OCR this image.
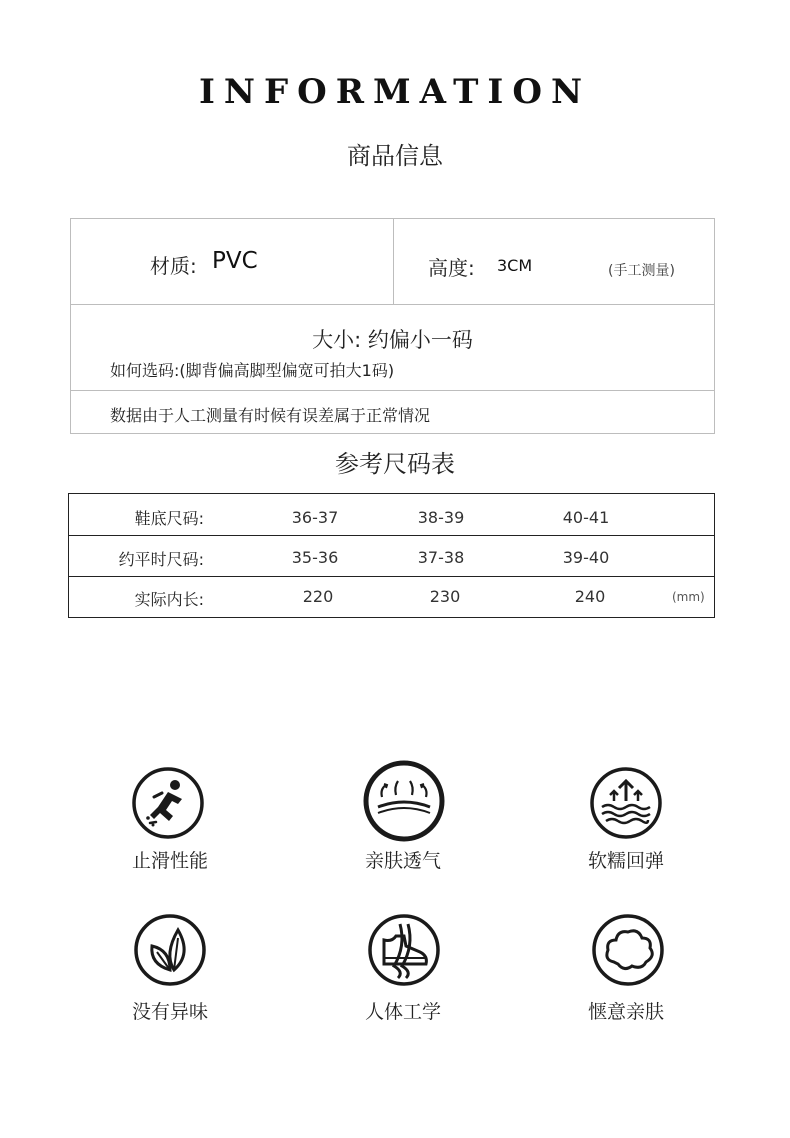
INFORMATION
商品信息
材质: PVC	高度: 3CM	(手工测量)
大小: 约偏小一码
如何选码:(脚背偏高脚型偏宽可拍大1码)
数据由于人工测量有时候有误差属于正常情况
参考尺码表
鞋底尺码:	36-37	38-39	40-41
约平时尺码:	35-36	37-38	39-40
实际内长:	220	230	240	(mm)
止滑性能	亲肤透气	软糯回弹
没有异味	人体工学	惬意亲肤
